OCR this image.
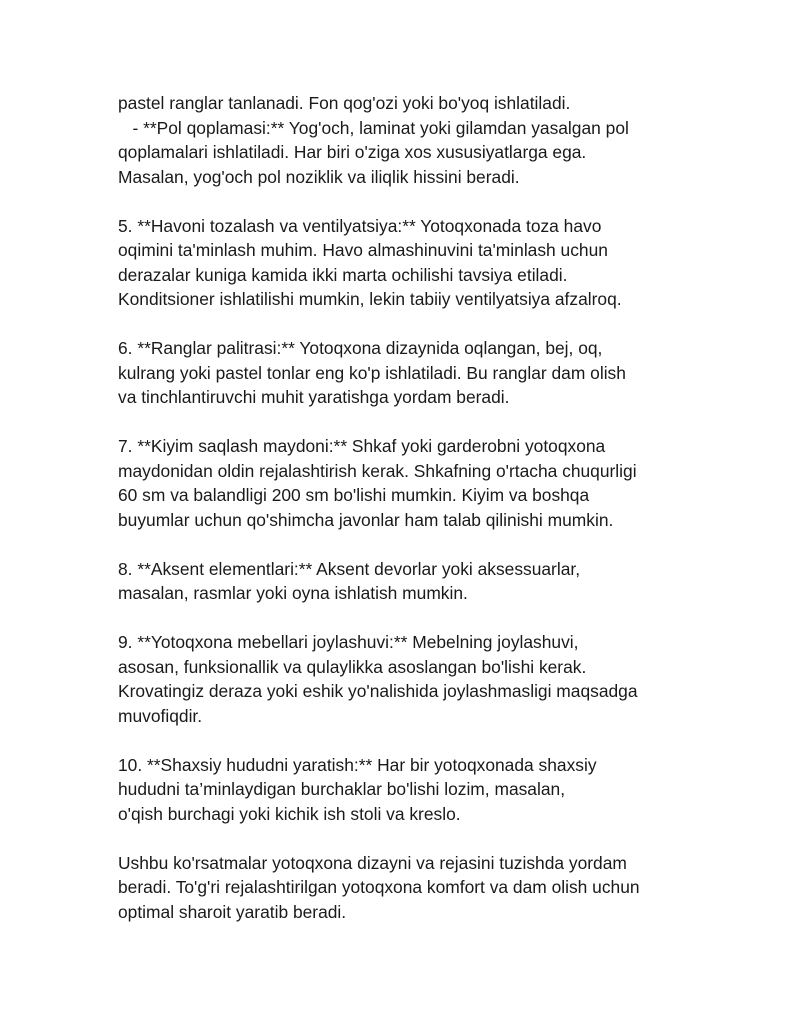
pastel ranglar tanlanadi. Fon qog'ozi yoki bo'yoq ishlatiladi.
- **Pol qoplamasi:** Yog'och, laminat yoki gilamdan yasalgan pol
qoplamalari ishlatiladi. Har biri o'ziga xos xususiyatlarga ega.
Masalan, yog'och pol noziklik va iliqlik hissini beradi.
5. **Havoni tozalash va ventilyatsiya:** Yotoqxonada toza havo
oqimini ta'minlash muhim. Havo almashinuvini ta'minlash uchun
derazalar kuniga kamida ikki marta ochilishi tavsiya etiladi.
Konditsioner ishlatilishi mumkin, lekin tabiiy ventilyatsiya afzalroq.
6. **Ranglar palitrasi:** Yotoqxona dizaynida oqlangan, bej, oq,
kulrang yoki pastel tonlar eng ko'p ishlatiladi. Bu ranglar dam olish
va tinchlantiruvchi muhit yaratishga yordam beradi.
7. **Kiyim saqlash maydoni:** Shkaf yoki garderobni yotoqxona
maydonidan oldin rejalashtirish kerak. Shkafning o'rtacha chuqurligi
60 sm va balandligi 200 sm bo'lishi mumkin. Kiyim va boshqa
buyumlar uchun qo'shimcha javonlar ham talab qilinishi mumkin.
8. **Aksent elementlari:** Aksent devorlar yoki aksessuarlar,
masalan, rasmlar yoki oyna ishlatish mumkin.
9. **Yotoqxona mebellari joylashuvi:** Mebelning joylashuvi,
asosan, funksionallik va qulaylikka asoslangan bo'lishi kerak.
Krovatingiz deraza yoki eshik yo'nalishida joylashmasligi maqsadga
muvofiqdir.
10. **Shaxsiy hududni yaratish:** Har bir yotoqxonada shaxsiy
hududni ta’minlaydigan burchaklar bo'lishi lozim, masalan,
o'qish burchagi yoki kichik ish stoli va kreslo.
Ushbu ko'rsatmalar yotoqxona dizayni va rejasini tuzishda yordam
beradi. To'g'ri rejalashtirilgan yotoqxona komfort va dam olish uchun
optimal sharoit yaratib beradi.
